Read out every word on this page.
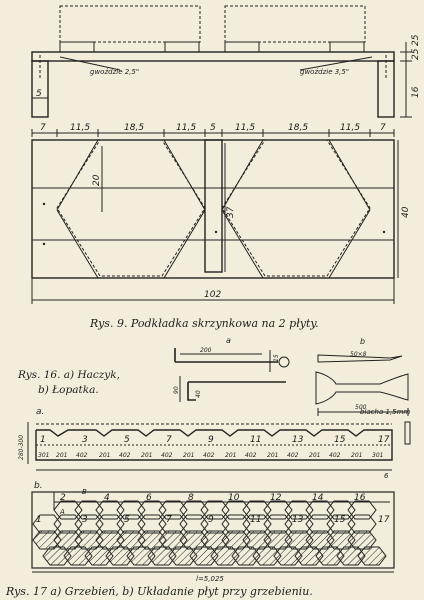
gwoździe 2,5"	gwoździe 3,5"
5
25
25
16
7	11,5	18,5	11,5 5 11,5	18,5	11,5 7
20
37	40
102
Rys. 9. Podkładka skrzynkowa na 2 płyty.
Rys. 16. a) Haczyk,
b) Łopatka.
a
200
15
90
40
b
50×8
500
a.	blacha 1,5mm
280-300 1	3	5	7	9	11	13	15	17
301 201 402 201 402 201 402 201 402 201 402 201 402 201 402 201 301
6
b.
2	4	6	8	10	12	14	16
1	3	5	7	9	11	13	15	17
A
B
l=5,025
Rys. 17 a) Grzebień, b) Układanie płyt przy grzebieniu.
